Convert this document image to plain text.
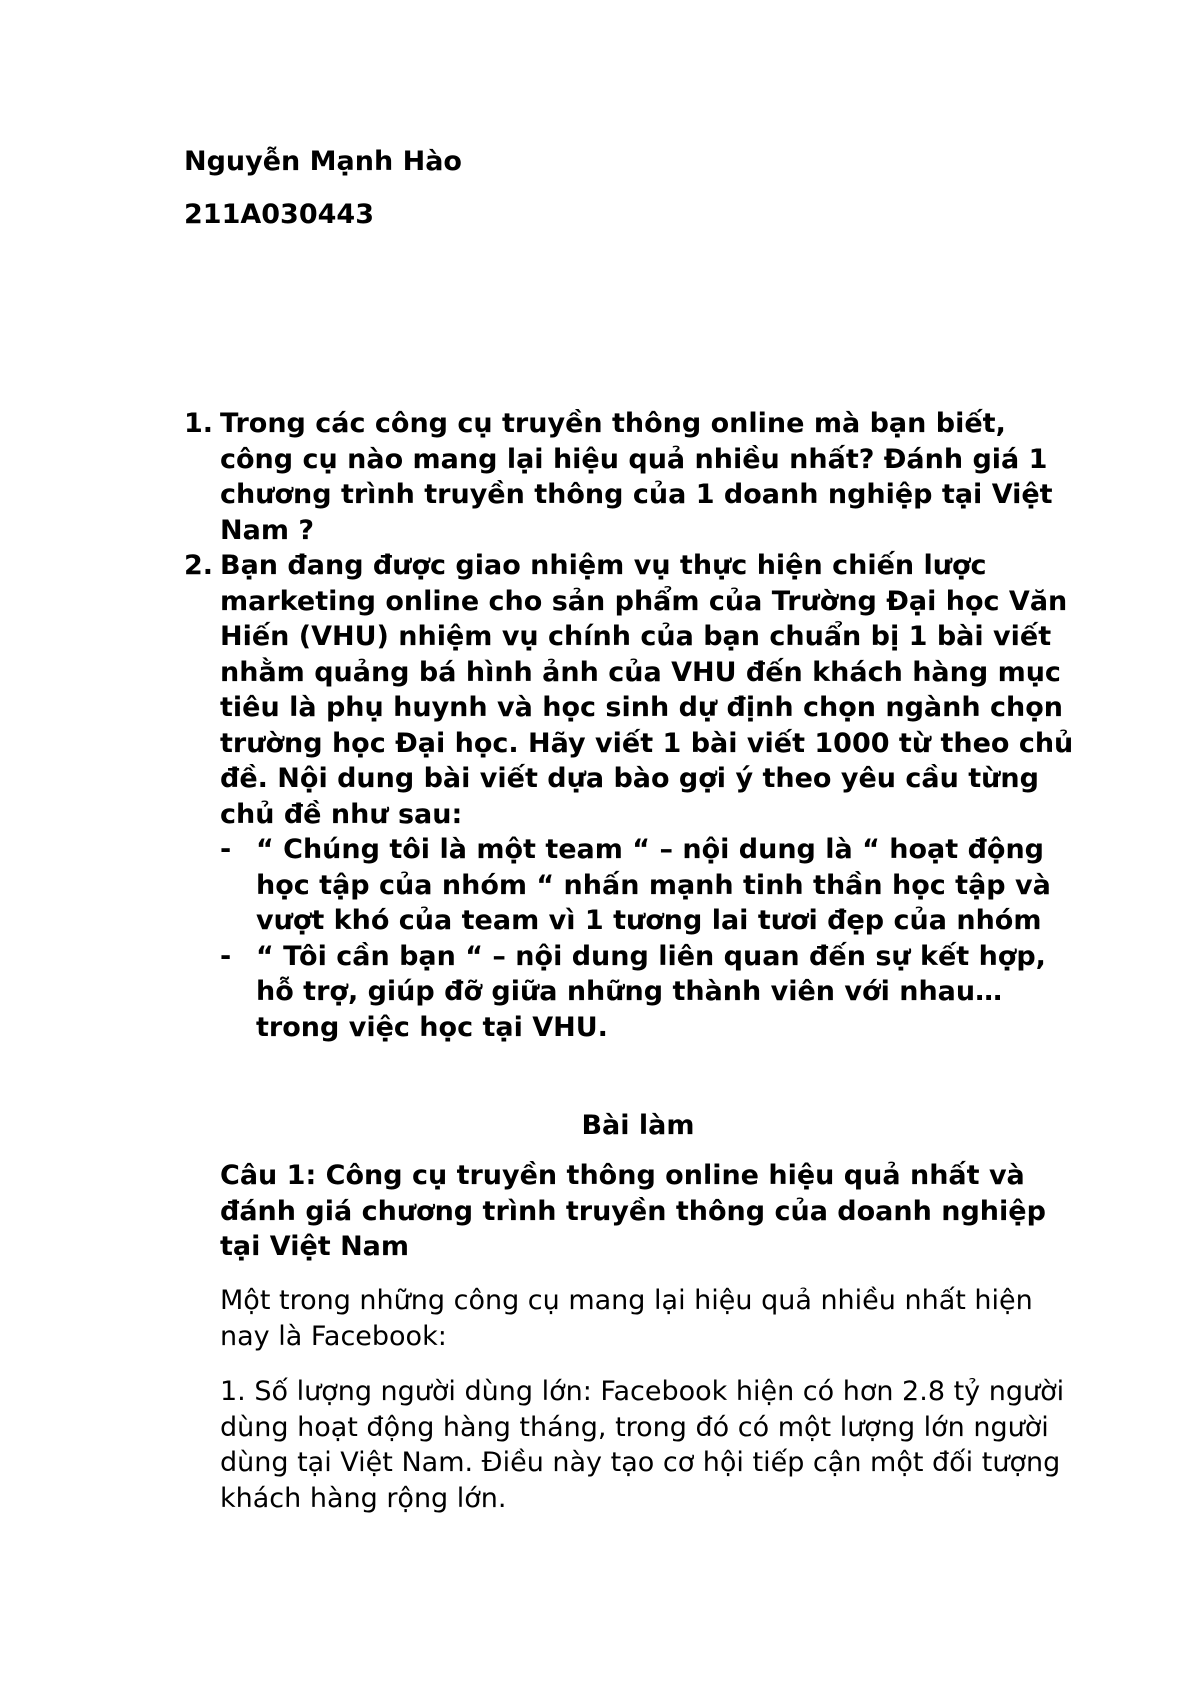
Nguyễn Mạnh Hào
211A030443
1. Trong các công cụ truyền thông online mà bạn biết, công cụ nào mang lại hiệu quả nhiều nhất? Đánh giá 1 chương trình truyền thông của 1 doanh nghiệp tại Việt Nam ?
2. Bạn đang được giao nhiệm vụ thực hiện chiến lược marketing online cho sản phẩm của Trường Đại học Văn Hiến (VHU) nhiệm vụ chính của bạn chuẩn bị 1 bài viết nhằm quảng bá hình ảnh của VHU đến khách hàng mục tiêu là phụ huynh và học sinh dự định chọn ngành chọn trường học Đại học. Hãy viết 1 bài viết 1000 từ theo chủ đề. Nội dung bài viết dựa bào gợi ý theo yêu cầu từng chủ đề như sau:
- “ Chúng tôi là một team “ – nội dung là “ hoạt động học tập của nhóm “ nhấn mạnh tinh thần học tập và vượt khó của team vì 1 tương lai tươi đẹp của nhóm
- “ Tôi cần bạn “ – nội dung liên quan đến sự kết hợp, hỗ trợ, giúp đỡ giữa những thành viên với nhau… trong việc học tại VHU.
Bài làm

Câu 1: Công cụ truyền thông online hiệu quả nhất và đánh giá chương trình truyền thông của doanh nghiệp tại Việt Nam

Một trong những công cụ mang lại hiệu quả nhiều nhất hiện nay là Facebook:

1. Số lượng người dùng lớn: Facebook hiện có hơn 2.8 tỷ người dùng hoạt động hàng tháng, trong đó có một lượng lớn người dùng tại Việt Nam. Điều này tạo cơ hội tiếp cận một đối tượng khách hàng rộng lớn.
